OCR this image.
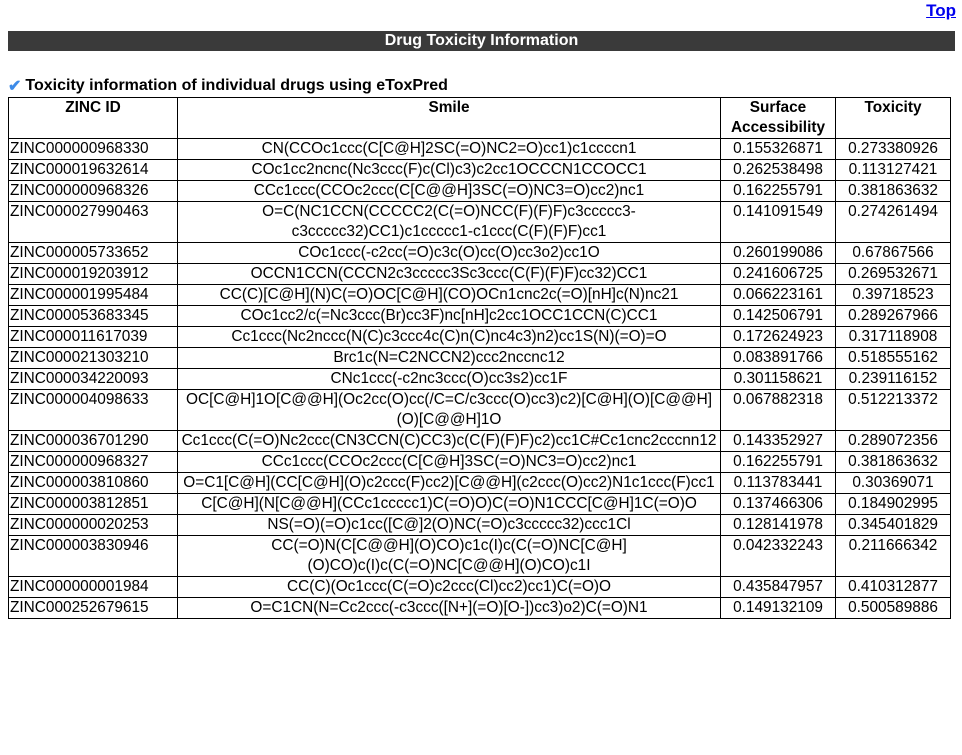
Top
Drug Toxicity Information
✔ Toxicity information of individual drugs using eToxPred
ZINC ID	Smile	Surface Accessibility	Toxicity
ZINC000000968330	CN(CCOc1ccc(C[C@H]2SC(=O)NC2=O)cc1)c1ccccn1	0.155326871	0.273380926
ZINC000019632614	COc1cc2ncnc(Nc3ccc(F)c(Cl)c3)c2cc1OCCCN1CCOCC1	0.262538498	0.113127421
ZINC000000968326	CCc1ccc(CCOc2ccc(C[C@@H]3SC(=O)NC3=O)cc2)nc1	0.162255791	0.381863632
ZINC000027990463	O=C(NC1CCN(CCCCC2(C(=O)NCC(F)(F)F)c3ccccc3-c3ccccc32)CC1)c1ccccc1-c1ccc(C(F)(F)F)cc1	0.141091549	0.274261494
ZINC000005733652	COc1ccc(-c2cc(=O)c3c(O)cc(O)cc3o2)cc1O	0.260199086	0.67867566
ZINC000019203912	OCCN1CCN(CCCN2c3ccccc3Sc3ccc(C(F)(F)F)cc32)CC1	0.241606725	0.269532671
ZINC000001995484	CC(C)[C@H](N)C(=O)OC[C@H](CO)OCn1cnc2c(=O)[nH]c(N)nc21	0.066223161	0.39718523
ZINC000053683345	COc1cc2/c(=Nc3ccc(Br)cc3F)nc[nH]c2cc1OCC1CCN(C)CC1	0.142506791	0.289267966
ZINC000011617039	Cc1ccc(Nc2nccc(N(C)c3ccc4c(C)n(C)nc4c3)n2)cc1S(N)(=O)=O	0.172624923	0.317118908
ZINC000021303210	Brc1c(N=C2NCCN2)ccc2nccnc12	0.083891766	0.518555162
ZINC000034220093	CNc1ccc(-c2nc3ccc(O)cc3s2)cc1F	0.301158621	0.239116152
ZINC000004098633	OC[C@H]1O[C@@H](Oc2cc(O)cc(/C=C/c3ccc(O)cc3)c2)[C@H](O)[C@@H](O)[C@@H]1O	0.067882318	0.512213372
ZINC000036701290	Cc1ccc(C(=O)Nc2ccc(CN3CCN(C)CC3)c(C(F)(F)F)c2)cc1C#Cc1cnc2cccnn12	0.143352927	0.289072356
ZINC000000968327	CCc1ccc(CCOc2ccc(C[C@H]3SC(=O)NC3=O)cc2)nc1	0.162255791	0.381863632
ZINC000003810860	O=C1[C@H](CC[C@H](O)c2ccc(F)cc2)[C@@H](c2ccc(O)cc2)N1c1ccc(F)cc1	0.113783441	0.30369071
ZINC000003812851	C[C@H](N[C@@H](CCc1ccccc1)C(=O)O)C(=O)N1CCC[C@H]1C(=O)O	0.137466306	0.184902995
ZINC000000020253	NS(=O)(=O)c1cc([C@]2(O)NC(=O)c3ccccc32)ccc1Cl	0.128141978	0.345401829
ZINC000003830946	CC(=O)N(C[C@@H](O)CO)c1c(I)c(C(=O)NC[C@H](O)CO)c(I)c(C(=O)NC[C@@H](O)CO)c1I	0.042332243	0.211666342
ZINC000000001984	CC(C)(Oc1ccc(C(=O)c2ccc(Cl)cc2)cc1)C(=O)O	0.435847957	0.410312877
ZINC000252679615	O=C1CN(N=Cc2ccc(-c3ccc([N+](=O)[O-])cc3)o2)C(=O)N1	0.149132109	0.500589886
